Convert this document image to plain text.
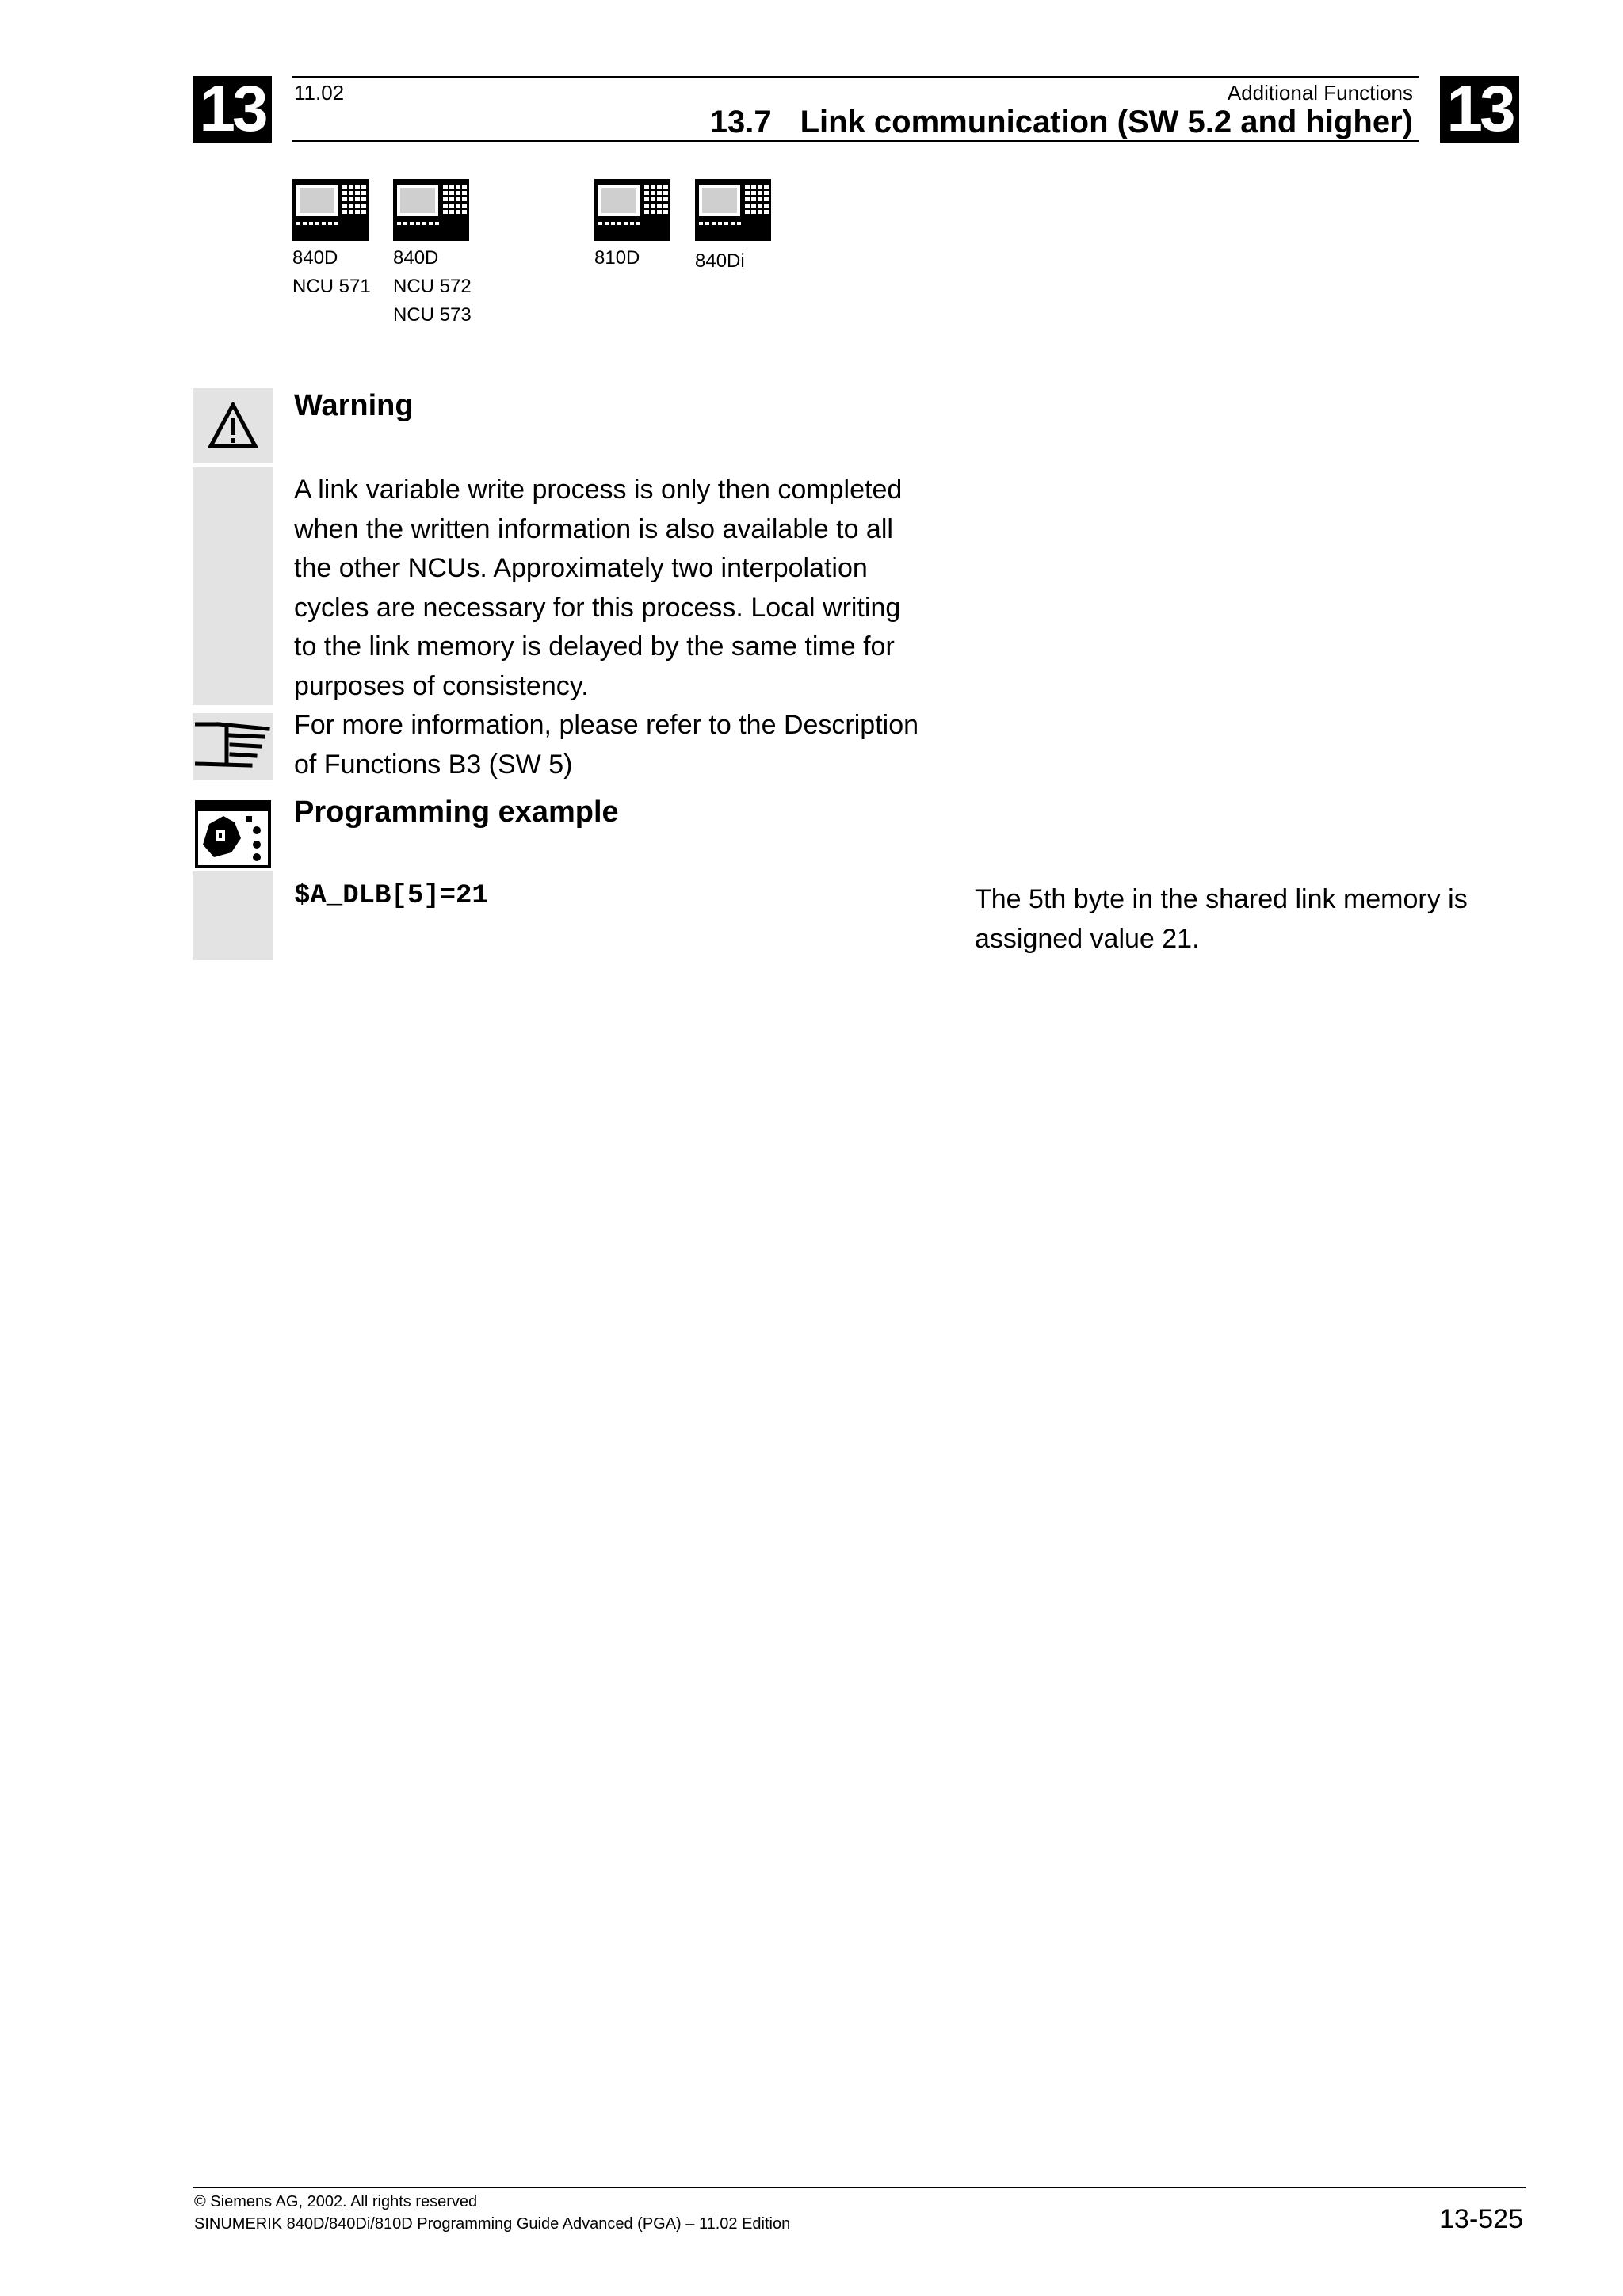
13	13
11.02	Additional Functions
13.7 Link communication (SW 5.2 and higher)
840D
NCU 571
840D
NCU 572
NCU 573
810D	840Di
Warning
A link variable write process is only then completed
when the written information is also available to all
the other NCUs. Approximately two interpolation
cycles are necessary for this process. Local writing
to the link memory is delayed by the same time for
purposes of consistency.
For more information, please refer to the Description
of Functions B3 (SW 5)
Programming example
$A_DLB[5]=21	The 5th byte in the shared link memory is
assigned value 21.
© Siemens AG, 2002. All rights reserved
SINUMERIK 840D/840Di/810D Programming Guide Advanced (PGA) – 11.02 Edition	13-525
